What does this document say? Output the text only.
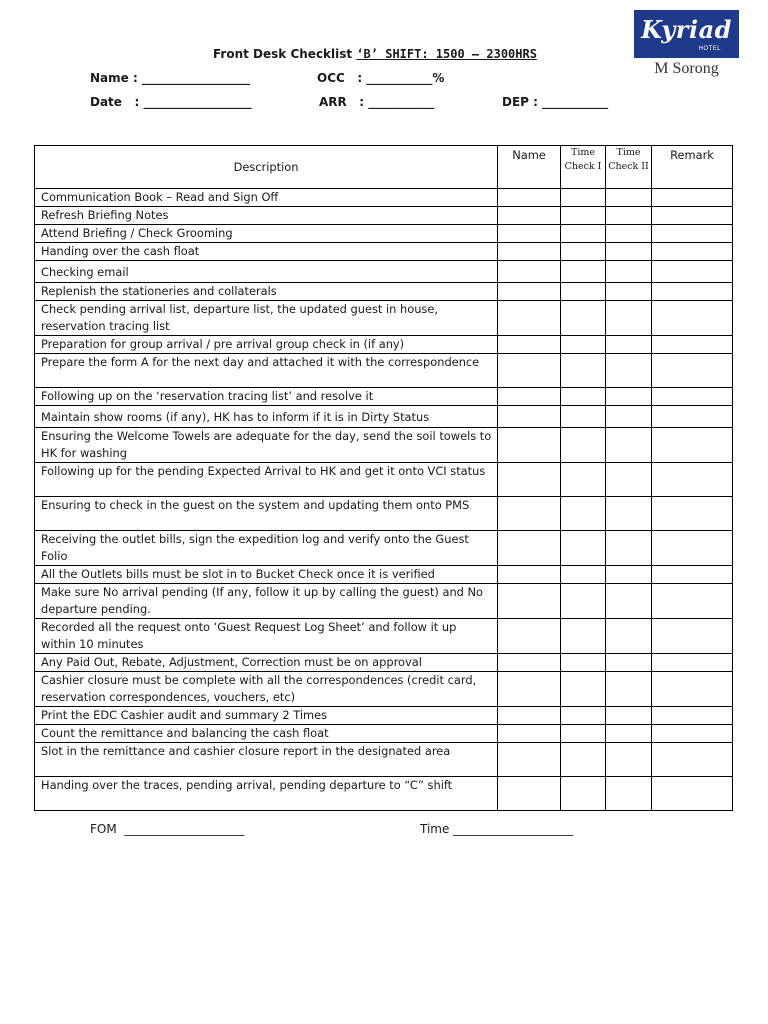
Kyriad
HOTEL
M Sorong
Front Desk Checklist ‘B’ SHIFT: 1500 – 2300HRS
Name : __________________	OCC   : ___________%
Date   : __________________	ARR   : ___________	DEP : ___________
Description	Name	Time Check I	Time Check II	Remark
Communication Book – Read and Sign Off				
Refresh Briefing Notes				
Attend Briefing / Check Grooming				
Handing over the cash float				
Checking email				
Replenish the stationeries and collaterals				
Check pending arrival list, departure list, the updated guest in house, reservation tracing list				
Preparation for group arrival / pre arrival group check in (if any)				
Prepare the form A for the next day and attached it with the correspondence				
Following up on the ‘reservation tracing list’ and resolve it				
Maintain show rooms (if any), HK has to inform if it is in Dirty Status				
Ensuring the Welcome Towels are adequate for the day, send the soil towels to HK for washing				
Following up for the pending Expected Arrival to HK and get it onto VCI status				
Ensuring to check in the guest on the system and updating them onto PMS				
Receiving the outlet bills, sign the expedition log and verify onto the Guest Folio				
All the Outlets bills must be slot in to Bucket Check once it is verified				
Make sure No arrival pending (If any, follow it up by calling the guest) and No departure pending.				
Recorded all the request onto ‘Guest Request Log Sheet’ and follow it up within 10 minutes				
Any Paid Out, Rebate, Adjustment, Correction must be on approval				
Cashier closure must be complete with all the correspondences (credit card, reservation correspondences, vouchers, etc)				
Print the EDC Cashier audit and summary 2 Times				
Count the remittance and balancing the cash float				
Slot in the remittance and cashier closure report in the designated area				
Handing over the traces, pending arrival, pending departure to “C” shift				
FOM  ____________________	Time ____________________
